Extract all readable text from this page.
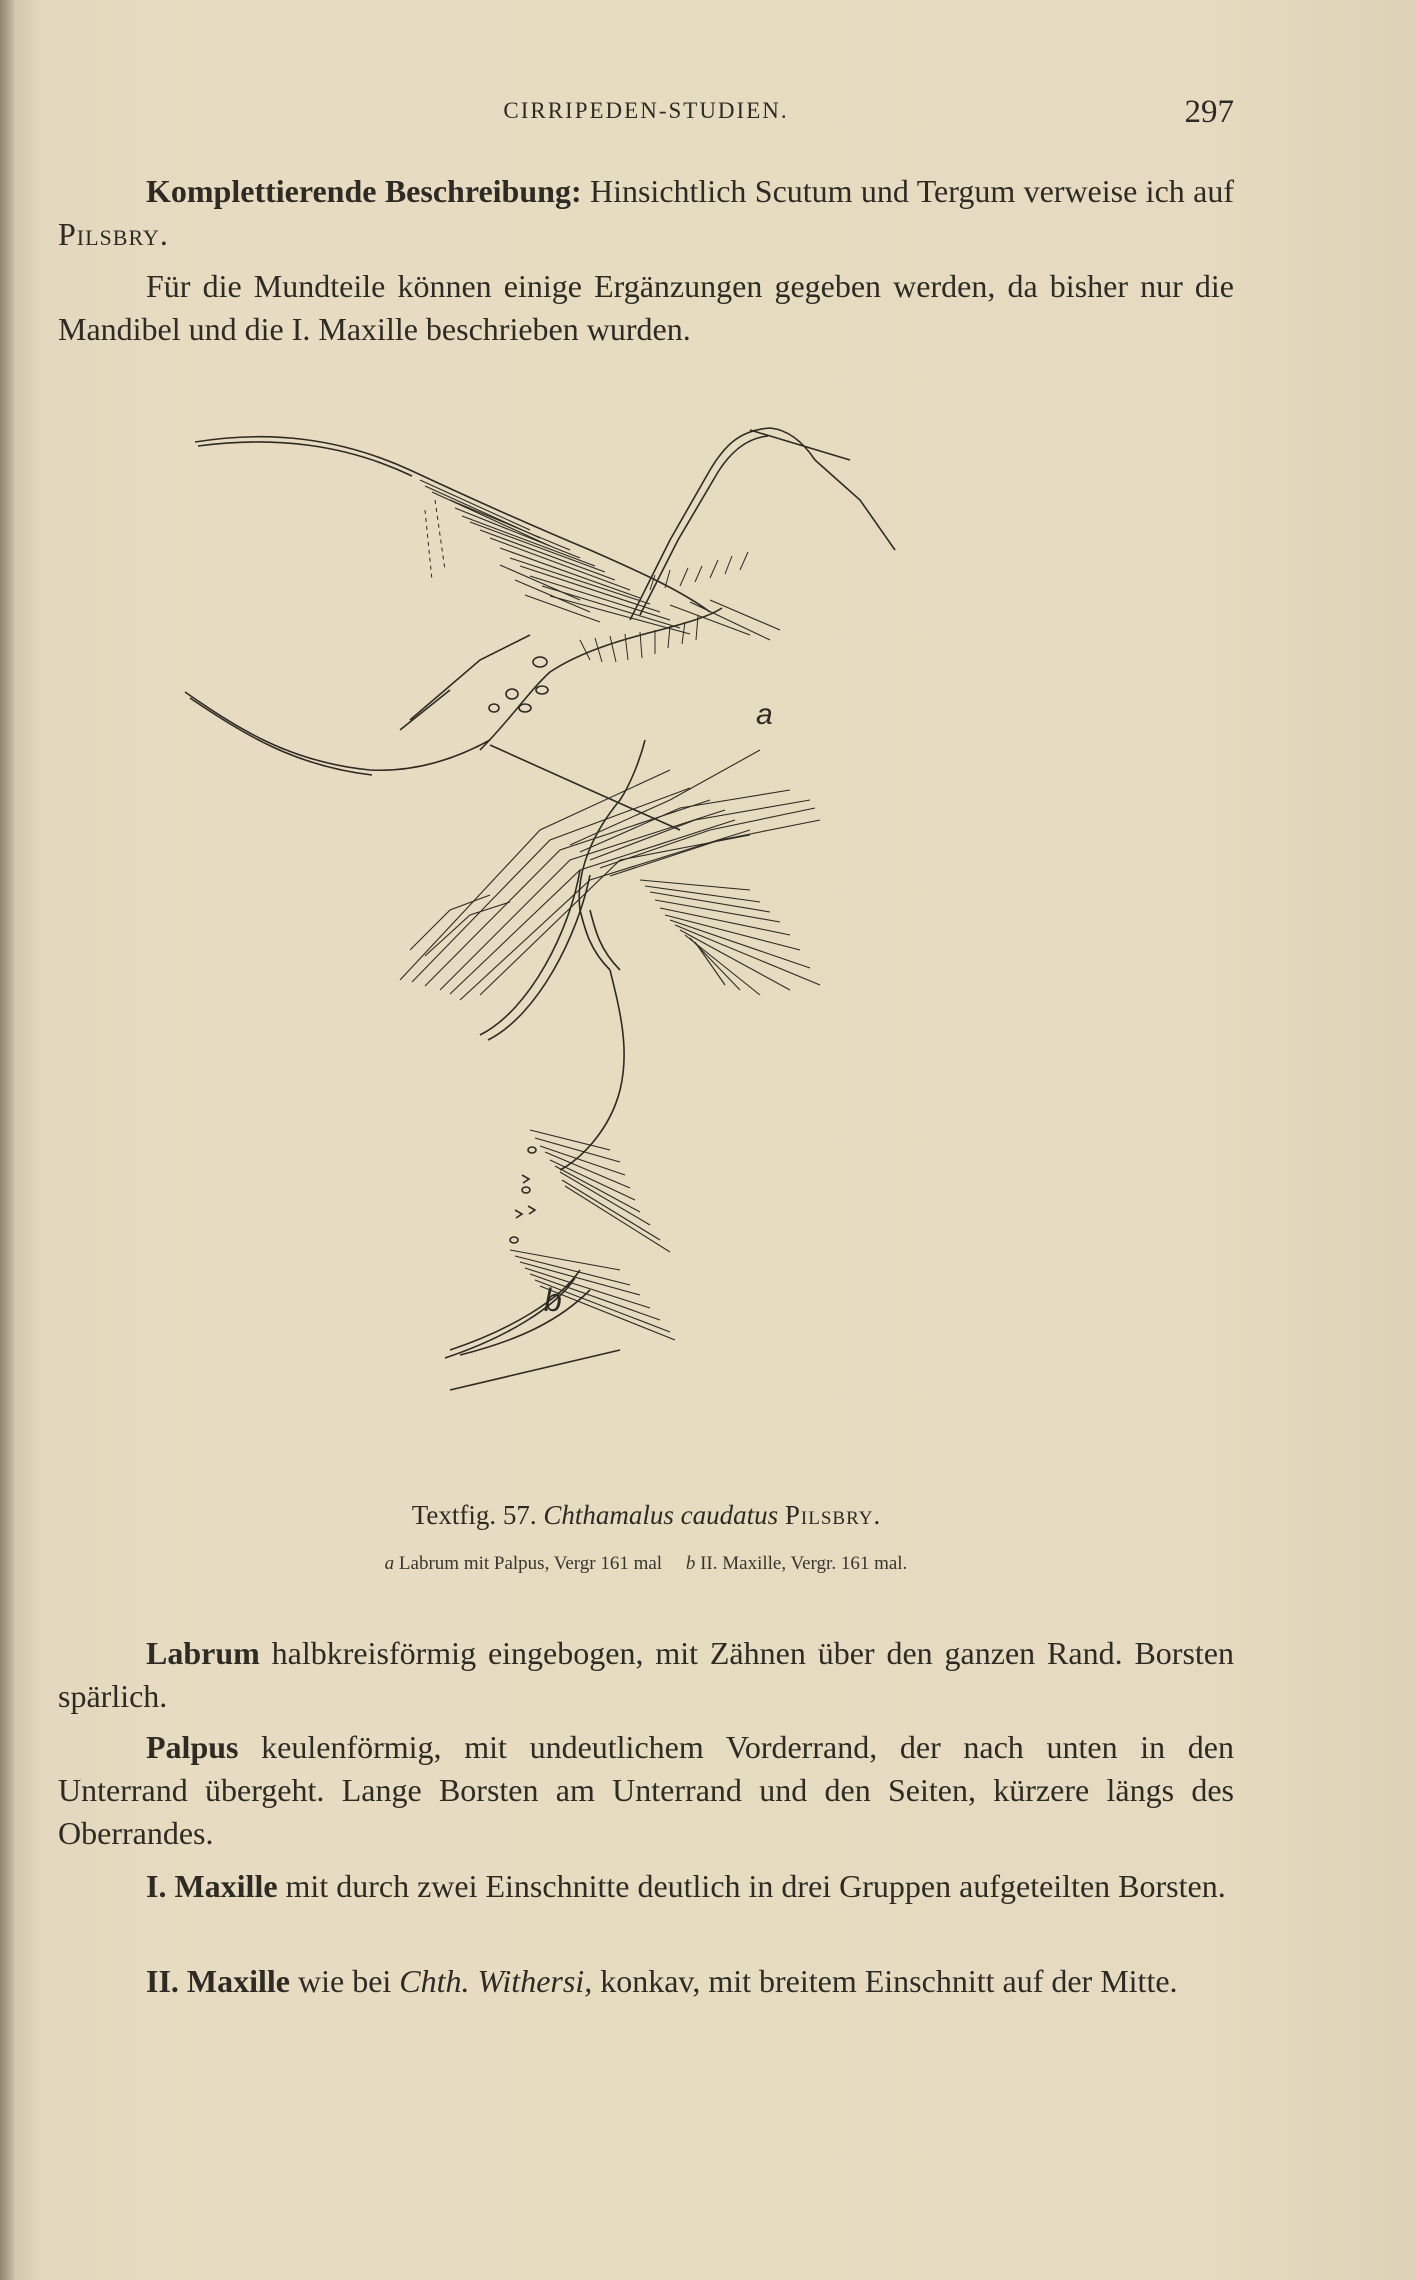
CIRRIPEDEN-STUDIEN.	297
Komplettierende Beschreibung: Hinsichtlich Scutum und Tergum verweise ich auf Pilsbry.
Für die Mundteile können einige Ergänzungen gegeben werden, da bisher nur die Mandibel und die I. Maxille beschrieben wurden.
a
b
Textfig. 57. Chthamalus caudatus Pilsbry.
a Labrum mit Palpus, Vergr 161 mal b II. Maxille, Vergr. 161 mal.
Labrum halbkreisförmig eingebogen, mit Zähnen über den ganzen Rand. Borsten spärlich.
Palpus keulenförmig, mit undeutlichem Vorderrand, der nach unten in den Unterrand übergeht. Lange Borsten am Unterrand und den Seiten, kürzere längs des Oberrandes.
I. Maxille mit durch zwei Einschnitte deutlich in drei Gruppen aufgeteilten Borsten.
II. Maxille wie bei Chth. Withersi, konkav, mit breitem Einschnitt auf der Mitte.
